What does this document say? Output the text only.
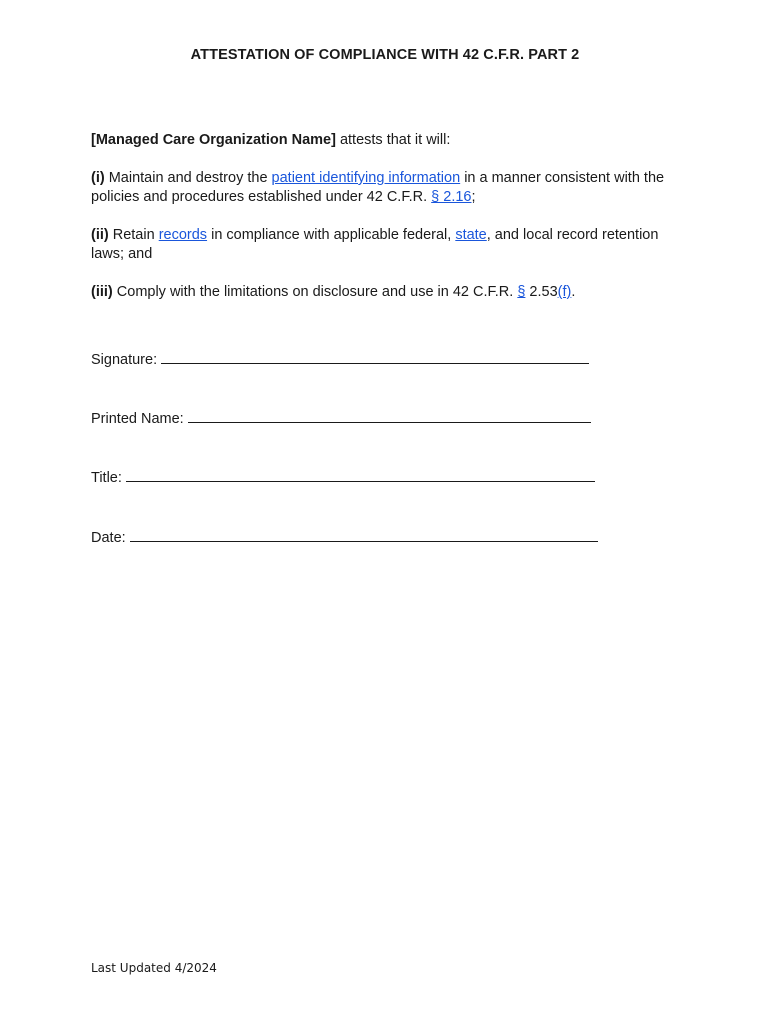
ATTESTATION OF COMPLIANCE WITH 42 C.F.R. PART 2
[Managed Care Organization Name] attests that it will:
(i) Maintain and destroy the patient identifying information in a manner consistent with the policies and procedures established under 42 C.F.R. § 2.16;
(ii) Retain records in compliance with applicable federal, state, and local record retention laws; and
(iii) Comply with the limitations on disclosure and use in 42 C.F.R. § 2.53(f).
Signature:
Printed Name:
Title:
Date:
Last Updated 4/2024
